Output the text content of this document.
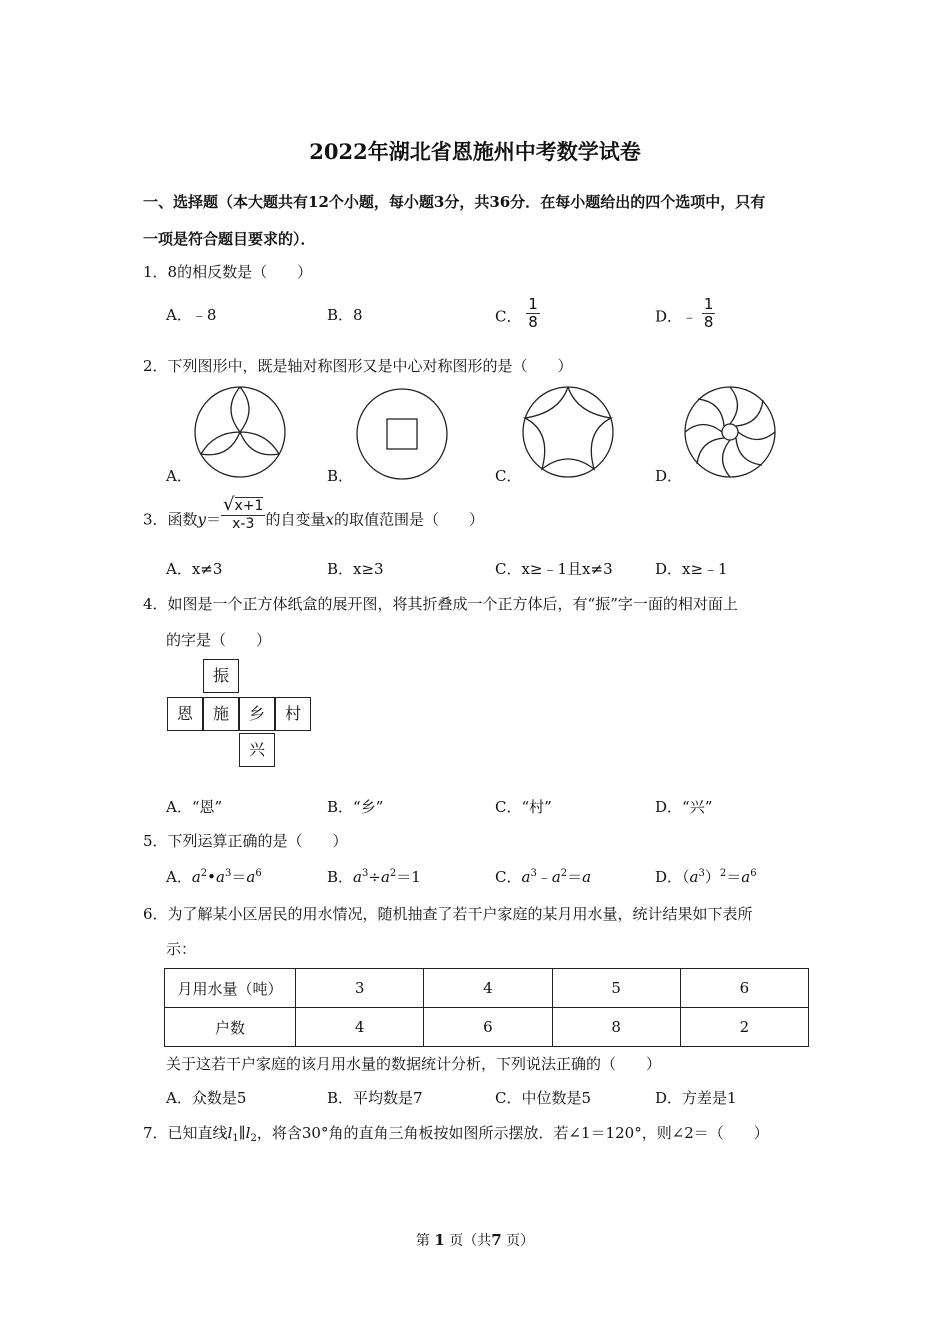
2022年湖北省恩施州中考数学试卷
一、选择题（本大题共有12个小题，每小题3分，共36分．在每小题给出的四个选项中，只有
一项是符合题目要求的）．
1．8的相反数是（　　）
A．﹣8	B．8	C． $\frac{1}{8}$	D．﹣ $\frac{1}{8}$
2．下列图形中，既是轴对称图形又是中心对称图形的是（　　）
A．	B．	C．	D．
3．函数$y= \frac{√x+1}{x-3}$ 的自变量x的取值范围是（　　）
A．x≠3	B．x≥3	C．x≥﹣1且x≠3	D．x≥﹣1
4．如图是一个正方体纸盒的展开图，将其折叠成一个正方体后，有“振”字一面的相对面上
的字是（　　）
振
恩	施	乡	村
兴
A．“恩”	B．“乡”	C．“村”	D．“兴”
5．下列运算正确的是（　　）
A．$a^2•a^3=a^6$	B．$a^3\div a^2=1$	C．$a^3﹣a^2=a$	D．$(a^3)^2=a^6$
6．为了解某小区居民的用水情况，随机抽查了若干户家庭的某月用水量，统计结果如下表所
示：
月用水量（吨）	3	4	5	6
户数	4	6	8	2
关于这若干户家庭的该月用水量的数据统计分析，下列说法正确的（　　）
A．众数是5	B．平均数是7	C．中位数是5	D．方差是1
7．已知直线$l_1\parallel l_2$，将含30°角的直角三角板按如图所示摆放．若∠1＝120°，则∠2＝（　　）
第 1 页（共7 页）
